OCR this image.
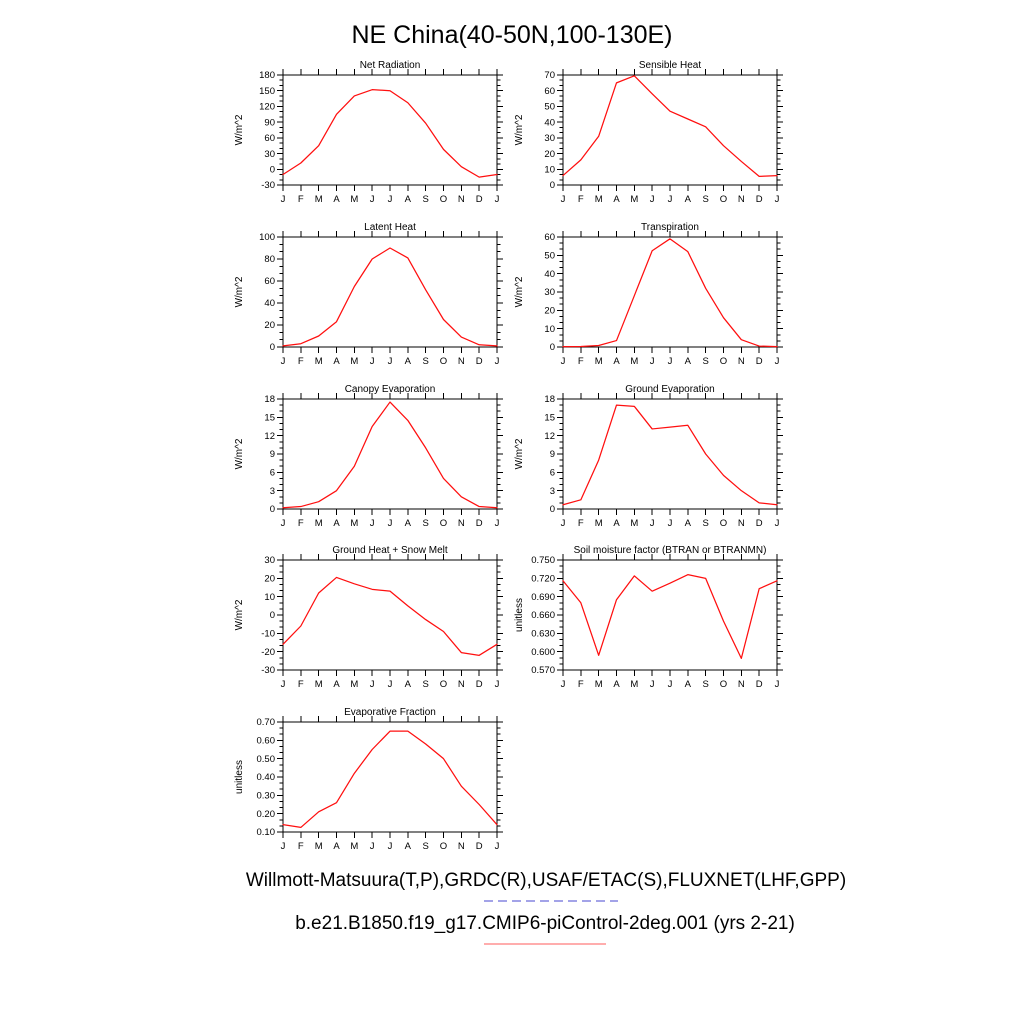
NE China(40-50N,100-130E)
Net Radiation
W/m^2
J F M A M J J A S O N D J
-30
0
30
60
90
120
150
180
Sensible Heat
W/m^2
J F M A M J J A S O N D J
0
10
20
30
40
50
60
70
Latent Heat
W/m^2
J F M A M J J A S O N D J
0
20
40
60
80
100
Transpiration
W/m^2
J F M A M J J A S O N D J
0
10
20
30
40
50
60
Canopy Evaporation
W/m^2
J F M A M J J A S O N D J
0
3
6
9
12
15
18
Ground Evaporation
W/m^2
J F M A M J J A S O N D J
0
3
6
9
12
15
18
Ground Heat + Snow Melt
W/m^2
J F M A M J J A S O N D J
-30
-20
-10
0
10
20
30
Soil moisture factor (BTRAN or BTRANMN)
unitless
J F M A M J J A S O N D J
0.570
0.600
0.630
0.660
0.690
0.720
0.750
Evaporative Fraction
unitless
J F M A M J J A S O N D J
0.10
0.20
0.30
0.40
0.50
0.60
0.70
Willmott-Matsuura(T,P),GRDC(R),USAF/ETAC(S),FLUXNET(LHF,GPP)
b.e21.B1850.f19_g17.CMIP6-piControl-2deg.001 (yrs 2-21)
